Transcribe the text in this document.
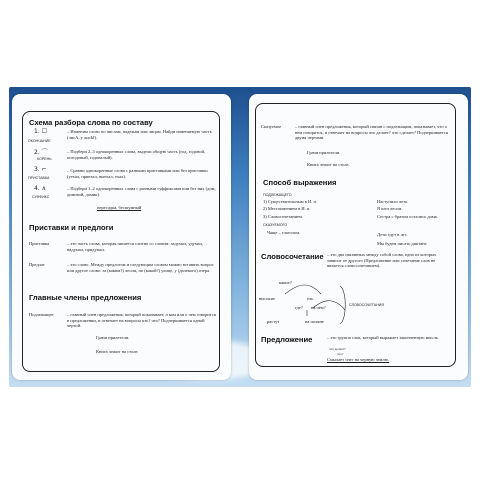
Схема разбора слова по составу
1. ☐
ОКОНЧАНИЕ
– Изменим слово по числам, падежам или лицам. Найди изменяемую часть (лисА, у лисЫ).
2. ⌒
КОРЕНЬ
– Подбери 2–3 однокоренных слова, выдели общую часть (год, годовой, погодовый, годовалый).
3. ⌐
ПРИСТАВКА
– Сравни однокоренные слова с разными приставками или без приставки (уехал, приехал, выехал, ехал).
4. ∧
СУФФИКС
– Подбери 1–2 однокоренных слова с разными суффиксами или без них (дом, домовой, домик).
пересадка, бесшумный
Приставки и предлоги
Приставка	– это часть слова, которая пишется слитно со словом: задумал, удумал, надумал, придумал.
Предлог	– это слово. Между предлогом и следующим словом можно вставить вопрос или другое слово: за (каким?) лесом, по (какой?) улице, у (далекого) озера.
Главные члены предложения
Подлежащее	– главный член предложения, который показывает, о ком или о чем говорится в предложении, и отвечает на вопросы кто? что? Подчеркивается одной чертой.
Грачи прилетели.
Книга лежит на столе.
Сказуемое	– главный член предложения, который связан с подлежащим, показывает, что о нем говорится, и отвечает на вопросы что делает? что сделает? Подчеркивается двумя чертами.
Грачи прилетели.
Книга лежит на столе.
Способ выражения
ПОДЛЕЖАЩЕГО
1) Существительным в И. п.	Наступило лето.
2) Местоимением в И. п.	Я шел лесом.
3) Словосочетанием.	Сестра с братом остались дома.
СКАЗУЕМОГО
Чаще – глаголом.	Дети едут в лес.
Мы будем писать диктант.
Словосочетание – это два связанных между собой слова, одно из которых зависит от другого (Предложение или сочетание слов не является словосочетанием).
какие?
высокие	ель
где? на чём?
растут	на поляне
СЛОВОСОЧЕТАНИЯ
Предложение	– это группа слов, который выражает законченную мысль.
что делает?
что?
Смылает снег на черную землю.
